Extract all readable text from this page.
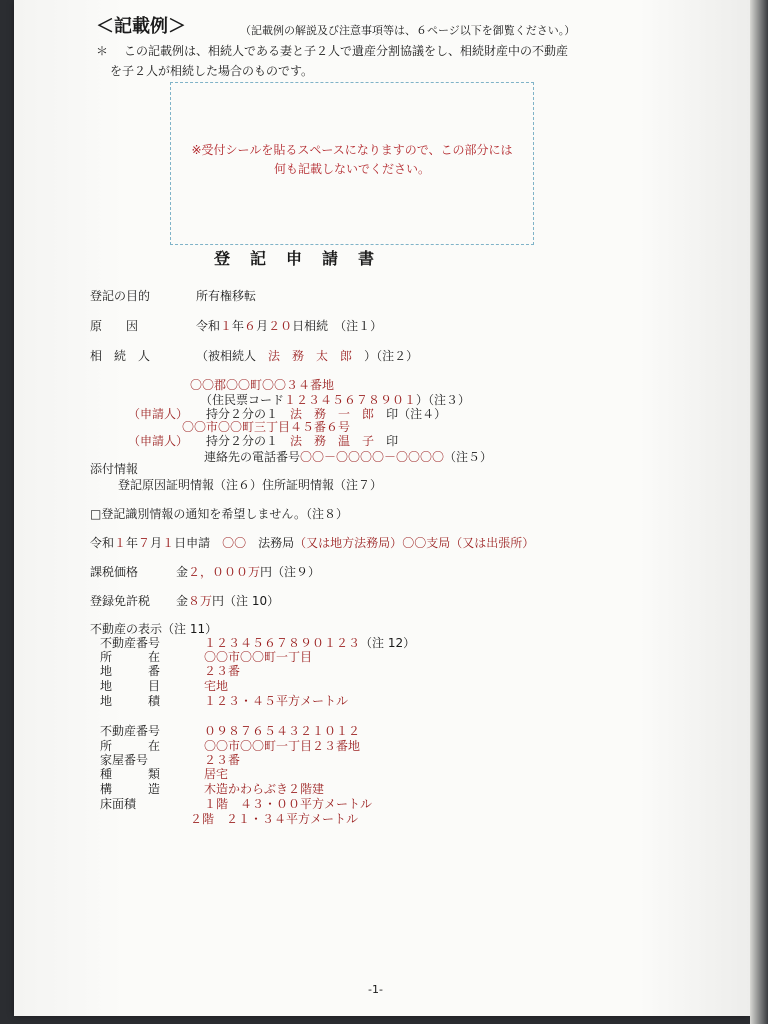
＜記載例＞	（記載例の解説及び注意事項等は、６ページ以下を御覧ください。）
＊ この記載例は、相続人である妻と子２人で遺産分割協議をし、相続財産中の不動産
を子２人が相続した場合のものです。
※受付シールを貼るスペースになりますので、この部分には
何も記載しないでください。
登記申請書
登記の目的	所有権移転
原　　因	令和１年６月２０日相続　 （注１）
相　続　人	（被相続人　 法　務　太　郎　 ）（注２）
〇〇郡〇〇町〇〇３４番地
（住民票コード１２３４５６７８９０１）（注３）
（申請人） 持分２分の１　 法　務　一　郎　 印（注４）
〇〇市〇〇町三丁目４５番６号
（申請人） 持分２分の１　 法　務　温　子　 印
連絡先の電話番号〇〇－〇〇〇〇－〇〇〇〇（注５）
添付情報
登記原因証明情報（注６）住所証明情報（注７）
□登記識別情報の通知を希望しません。（注８）
令和１年７月１日申請　 〇〇　 法務局（又は地方法務局）〇〇支局（又は出張所）
課税価格	金２，０００万円（注９）
登録免許税 金８万円（注 10）
不動産の表示（注 11）
不動産番号	１２３４５６７８９０１２３（注 12）
所　　　在	〇〇市〇〇町一丁目
地　　　番	２３番
地　　　目	宅地
地　　　積	１２３・４５平方メートル
不動産番号	０９８７６５４３２１０１２
所　　　在	〇〇市〇〇町一丁目２３番地
家屋番号	２３番
種　　　類	居宅
構　　　造	木造かわらぶき２階建
床面積	１階　４３・００平方メートル
２階　２１・３４平方メートル
-1-
